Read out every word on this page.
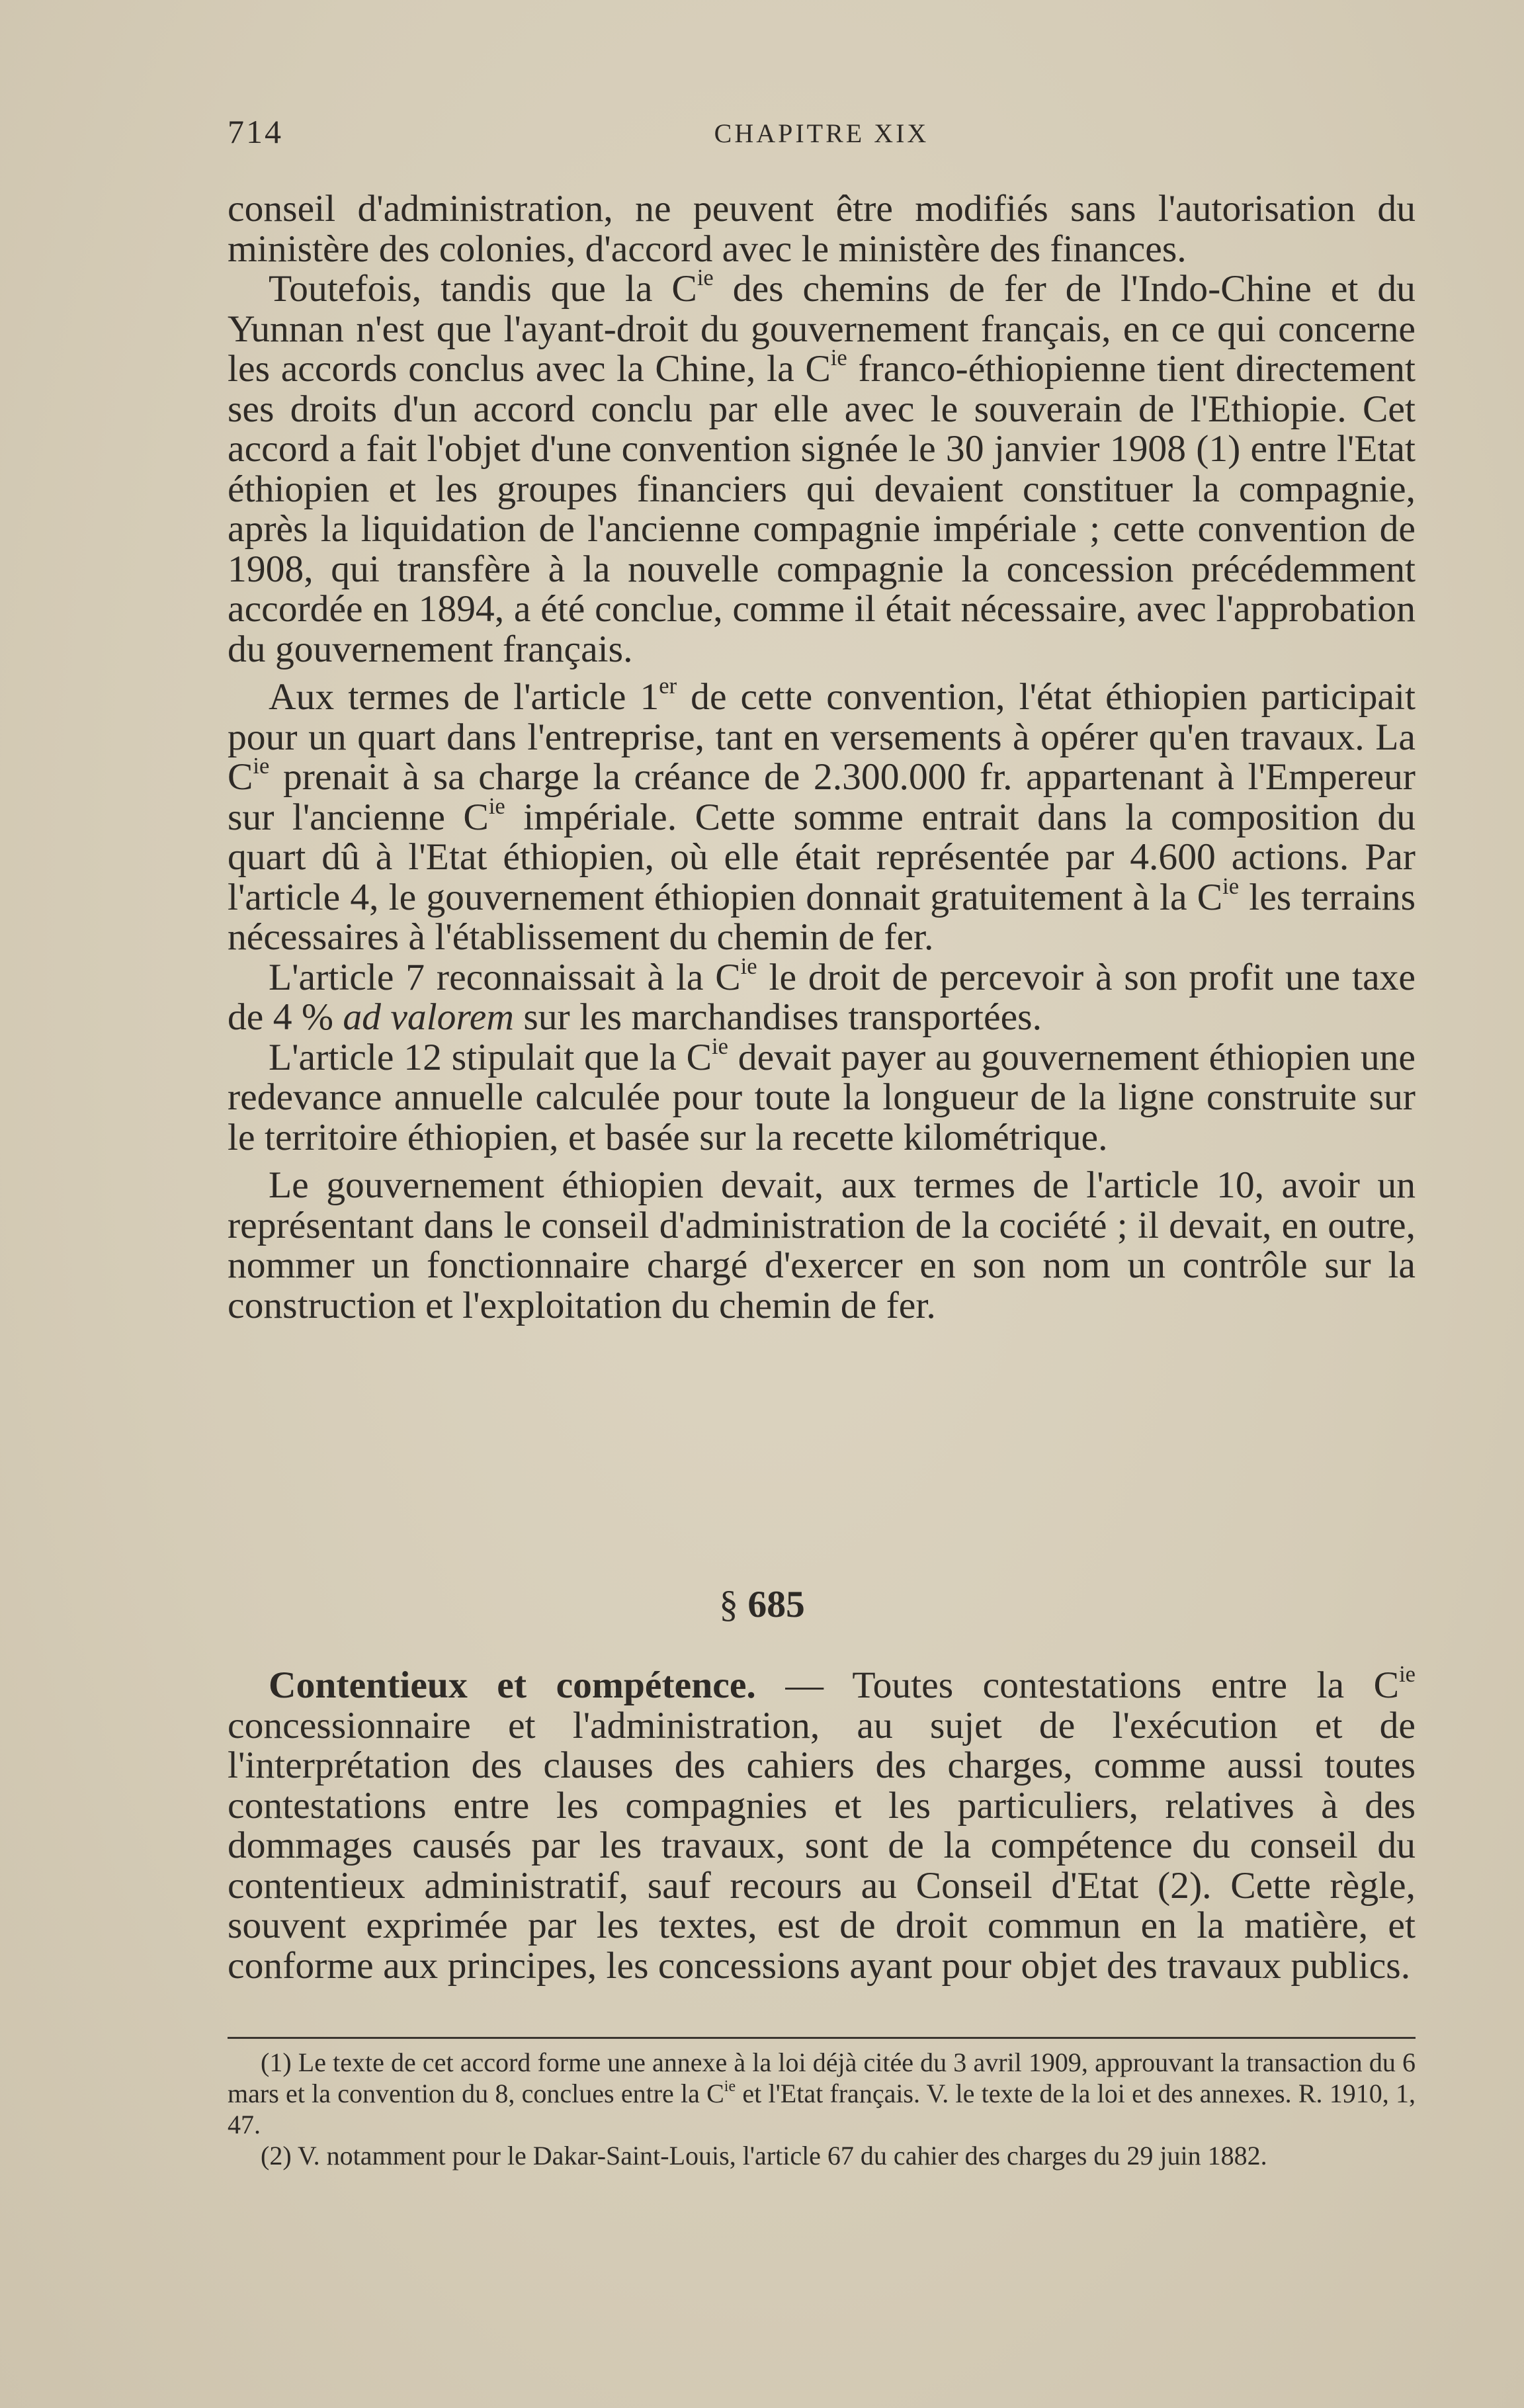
714	CHAPITRE XIX

conseil d'administration, ne peuvent être modifiés sans l'autorisation du ministère des colonies, d'accord avec le ministère des finances.

Toutefois, tandis que la $C^{ie}$ des chemins de fer de l'Indo-Chine et du Yunnan n'est que l'ayant-droit du gouvernement français, en ce qui concerne les accords conclus avec la Chine, la $C^{ie}$ franco-éthiopienne tient directement ses droits d'un accord conclu par elle avec le souverain de l'Ethiopie. Cet accord a fait l'objet d'une convention signée le 30 janvier 1908 (1) entre l'Etat éthiopien et les groupes financiers qui devaient constituer la compagnie, après la liquidation de l'ancienne compagnie impériale ; cette convention de 1908, qui transfère à la nouvelle compagnie la concession précédemment accordée en 1894, a été conclue, comme il était nécessaire, avec l'approbation du gouvernement français.

Aux termes de l'article 1er de cette convention, l'état éthiopien participait pour un quart dans l'entreprise, tant en versements à opérer qu'en travaux. La $C^{ie}$ prenait à sa charge la créance de 2.300.000 fr. appartenant à l'Empereur sur l'ancienne $C^{ie}$ impériale. Cette somme entrait dans la composition du quart dû à l'Etat éthiopien, où elle était représentée par 4.600 actions. Par l'article 4, le gouvernement éthiopien donnait gratuitement à la $C^{ie}$ les terrains nécessaires à l'établissement du chemin de fer.

L'article 7 reconnaissait à la $C^{ie}$ le droit de percevoir à son profit une taxe de 4 % ad valorem sur les marchandises transportées.

L'article 12 stipulait que la $C^{ie}$ devait payer au gouvernement éthiopien une redevance annuelle calculée pour toute la longueur de la ligne construite sur le territoire éthiopien, et basée sur la recette kilométrique.

Le gouvernement éthiopien devait, aux termes de l'article 10, avoir un représentant dans le conseil d'administration de la cociété ; il devait, en outre, nommer un fonctionnaire chargé d'exercer en son nom un contrôle sur la construction et l'exploitation du chemin de fer.

§ 685

Contentieux et compétence. — Toutes contestations entre la $C^{ie}$ concessionnaire et l'administration, au sujet de l'exécution et de l'interprétation des clauses des cahiers des charges, comme aussi toutes contestations entre les compagnies et les particuliers, relatives à des dommages causés par les travaux, sont de la compétence du conseil du contentieux administratif, sauf recours au Conseil d'Etat (2). Cette règle, souvent exprimée par les textes, est de droit commun en la matière, et conforme aux principes, les concessions ayant pour objet des travaux publics.

(1) Le texte de cet accord forme une annexe à la loi déjà citée du 3 avril 1909, approuvant la transaction du 6 mars et la convention du 8, conclues entre la $C^{ie}$ et l'Etat français. V. le texte de la loi et des annexes. R. 1910, 1, 47.

(2) V. notamment pour le Dakar-Saint-Louis, l'article 67 du cahier des charges du 29 juin 1882.
